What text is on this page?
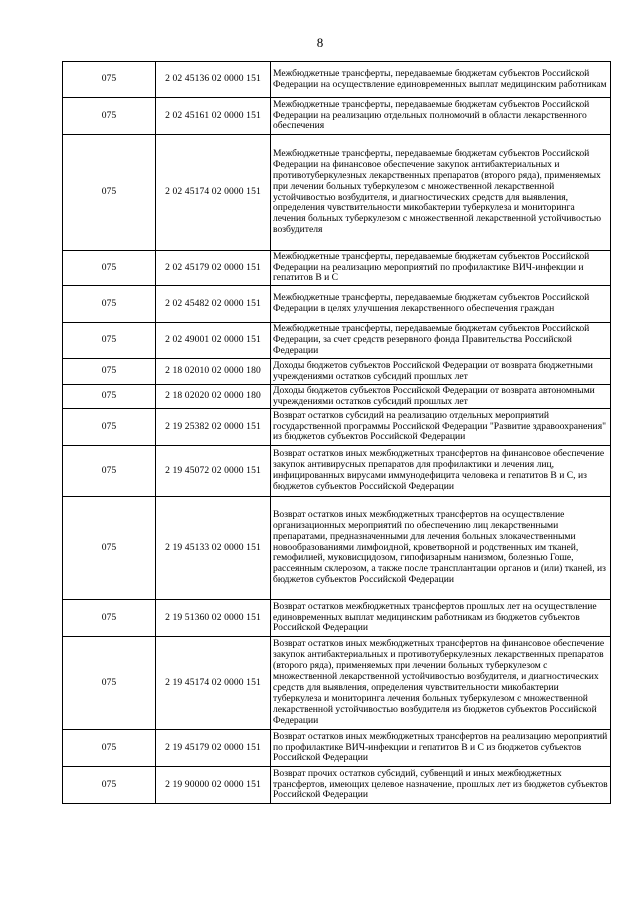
8
075	2 02 45136 02 0000 151	Межбюджетные трансферты, передаваемые бюджетам субъектов Российской Федерации на осуществление единовременных выплат медицинским работникам
075	2 02 45161 02 0000 151	Межбюджетные трансферты, передаваемые бюджетам субъектов Российской Федерации на реализацию отдельных полномочий в области лекарственного обеспечения
075	2 02 45174 02 0000 151	Межбюджетные трансферты, передаваемые бюджетам субъектов Российской Федерации на финансовое обеспечение закупок антибактериальных и противотуберкулезных лекарственных препаратов (второго ряда), применяемых при лечении больных туберкулезом с множественной лекарственной устойчивостью возбудителя, и диагностических средств для выявления, определения чувствительности микобактерии туберкулеза и мониторинга лечения больных туберкулезом с множественной лекарственной устойчивостью возбудителя
075	2 02 45179 02 0000 151	Межбюджетные трансферты, передаваемые бюджетам субъектов Российской Федерации на реализацию мероприятий по профилактике ВИЧ-инфекции и гепатитов В и С
075	2 02 45482 02 0000 151	Межбюджетные трансферты, передаваемые бюджетам субъектов Российской Федерации в целях улучшения лекарственного обеспечения граждан
075	2 02 49001 02 0000 151	Межбюджетные трансферты, передаваемые бюджетам субъектов Российской Федерации, за счет средств резервного фонда Правительства Российской Федерации
075	2 18 02010 02 0000 180	Доходы бюджетов субъектов Российской Федерации от возврата бюджетными учреждениями остатков субсидий прошлых лет
075	2 18 02020 02 0000 180	Доходы бюджетов субъектов Российской Федерации от возврата автономными учреждениями остатков субсидий прошлых лет
075	2 19 25382 02 0000 151	Возврат остатков субсидий на реализацию отдельных мероприятий государственной программы Российской Федерации "Развитие здравоохранения" из бюджетов субъектов Российской Федерации
075	2 19 45072 02 0000 151	Возврат остатков иных межбюджетных трансфертов на финансовое обеспечение закупок антивирусных препаратов для профилактики и лечения лиц, инфицированных вирусами иммунодефицита человека и гепатитов В и С, из бюджетов субъектов Российской Федерации
075	2 19 45133 02 0000 151	Возврат остатков иных межбюджетных трансфертов на осуществление организационных мероприятий по обеспечению лиц лекарственными препаратами, предназначенными для лечения больных злокачественными новообразованиями лимфоидной, кроветворной и родственных им тканей, гемофилией, муковисцидозом, гипофизарным нанизмом, болезнью Гоше, рассеянным склерозом, а также после трансплантации органов и (или) тканей, из бюджетов субъектов Российской Федерации
075	2 19 51360 02 0000 151	Возврат остатков межбюджетных трансфертов прошлых лет на осуществление единовременных выплат медицинским работникам из бюджетов субъектов Российской Федерации
075	2 19 45174 02 0000 151	Возврат остатков иных межбюджетных трансфертов на финансовое обеспечение закупок антибактериальных и противотуберкулезных лекарственных препаратов (второго ряда), применяемых при лечении больных туберкулезом с множественной лекарственной устойчивостью возбудителя, и диагностических средств для выявления, определения чувствительности микобактерии туберкулеза и мониторинга лечения больных туберкулезом с множественной лекарственной устойчивостью возбудителя из бюджетов субъектов Российской Федерации
075	2 19 45179 02 0000 151	Возврат остатков иных межбюджетных трансфертов на реализацию мероприятий по профилактике ВИЧ-инфекции и гепатитов В и С из бюджетов субъектов Российской Федерации
075	2 19 90000 02 0000 151	Возврат прочих остатков субсидий, субвенций и иных межбюджетных трансфертов, имеющих целевое назначение, прошлых лет из бюджетов субъектов Российской Федерации
